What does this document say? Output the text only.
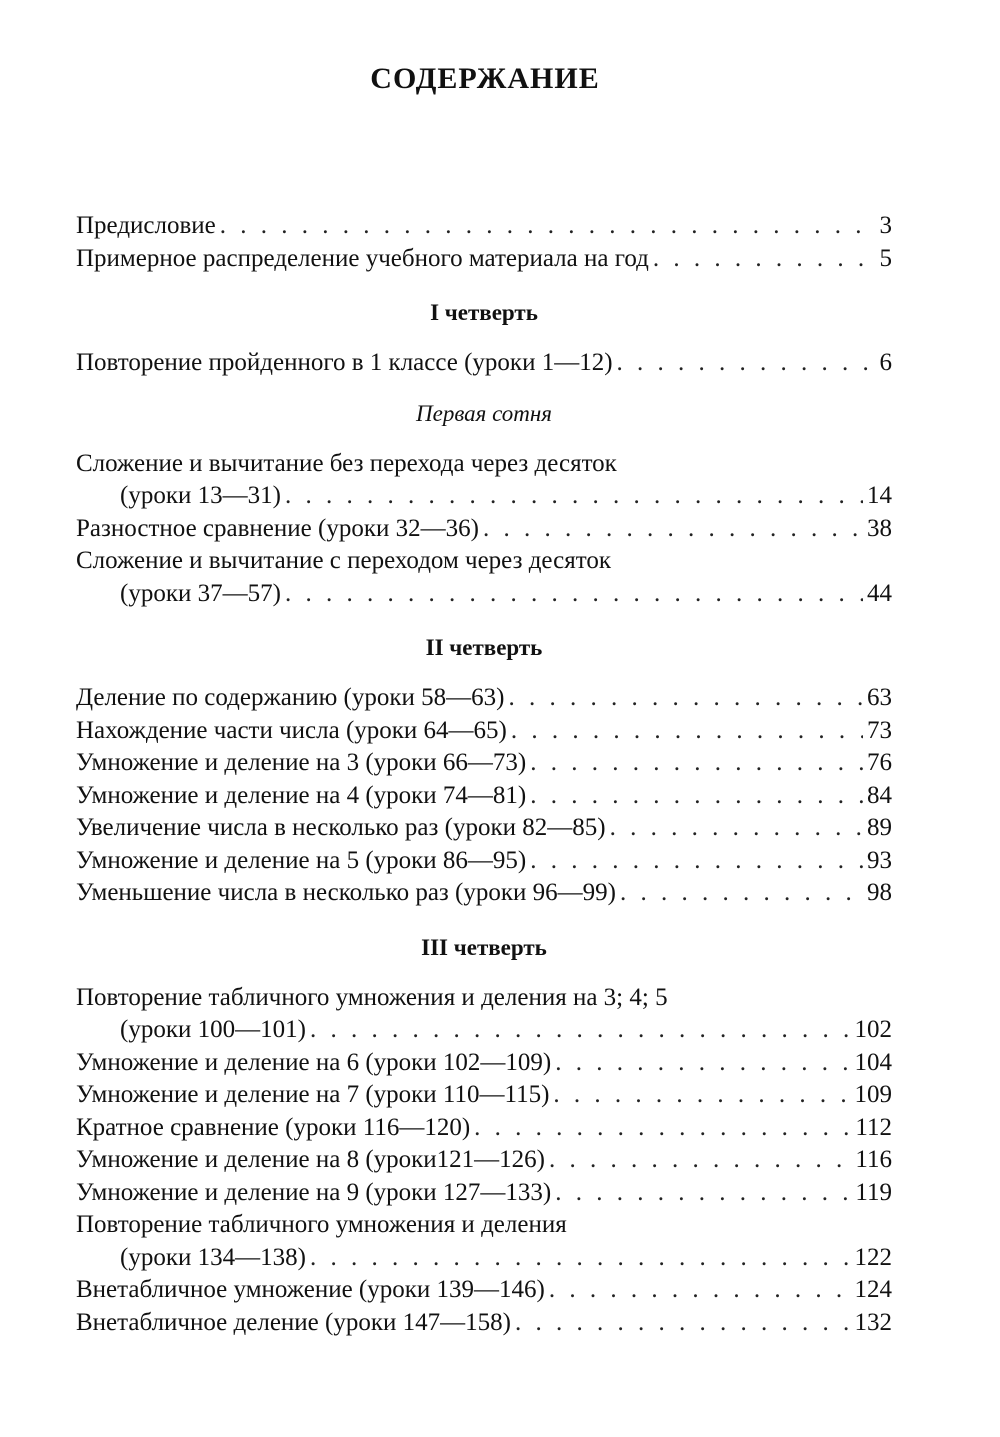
СОДЕРЖАНИЕ
Предисловие . . .	3
Примерное распределение учебного материала на год . . .	5
I четверть
Повторение пройденного в 1 классе (уроки 1—12) . . .	6
Первая сотня
Сложение и вычитание без перехода через десяток
(уроки 13—31) . . .	14
Разностное сравнение (уроки 32—36) . . .	38
Сложение и вычитание с переходом через десяток
(уроки 37—57) . . .	44
II четверть
Деление по содержанию (уроки 58—63) . . .	63
Нахождение части числа (уроки 64—65) . . .	73
Умножение и деление на 3 (уроки 66—73) . . .	76
Умножение и деление на 4 (уроки 74—81) . . .	84
Увеличение числа в несколько раз (уроки 82—85) . . .	89
Умножение и деление на 5 (уроки 86—95) . . .	93
Уменьшение числа в несколько раз (уроки 96—99) . . .	98
III четверть
Повторение табличного умножения и деления на 3; 4; 5
(уроки 100—101) . . .	102
Умножение и деление на 6 (уроки 102—109) . . .	104
Умножение и деление на 7 (уроки 110—115) . . .	109
Кратное сравнение (уроки 116—120) . . .	112
Умножение и деление на 8 (уроки121—126) . . .	116
Умножение и деление на 9 (уроки 127—133) . . .	119
Повторение табличного умножения и деления
(уроки 134—138) . . .	122
Внетабличное умножение (уроки 139—146) . . .	124
Внетабличное деление (уроки 147—158) . . .	132
